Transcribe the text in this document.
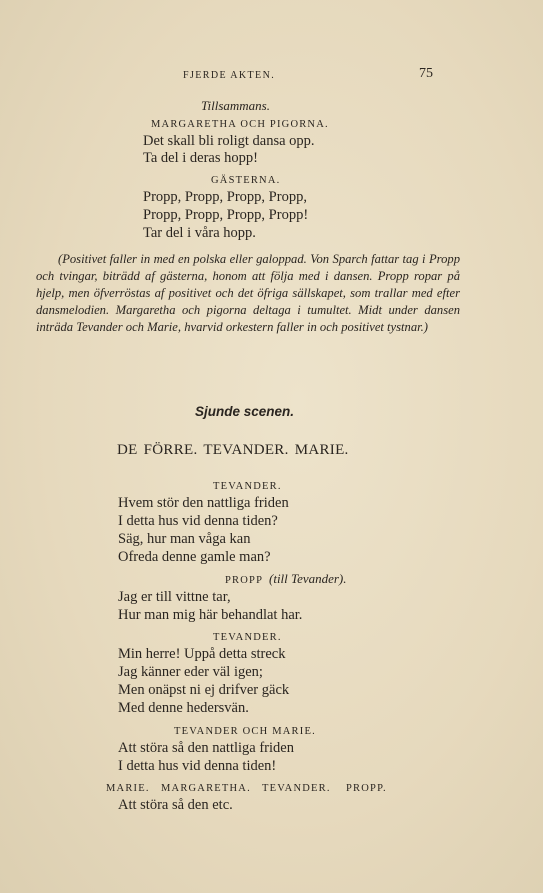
FJERDE AKTEN.	75
Tillsammans.
MARGARETHA OCH PIGORNA.
Det skall bli roligt dansa opp.
Ta del i deras hopp!
GÄSTERNA.
Propp, Propp, Propp, Propp,
Propp, Propp, Propp, Propp!
Tar del i våra hopp.
(Positivet faller in med en polska eller galoppad. Von Sparch fattar tag i Propp och tvingar, biträdd af gästerna, honom att följa med i dansen. Propp ropar på hjelp, men öfverröstas af positivet och det öfriga sällskapet, som trallar med efter dansmelodien. Margaretha och pigorna deltaga i tumultet. Midt under dansen inträda Tevander och Marie, hvarvid orkestern faller in och positivet tystnar.)
Sjunde scenen.
DE FÖRRE. TEVANDER. MARIE.
TEVANDER.
Hvem stör den nattliga friden
I detta hus vid denna tiden?
Säg, hur man våga kan
Ofreda denne gamle man?
PROPP (till Tevander).
Jag er till vittne tar,
Hur man mig här behandlat har.
TEVANDER.
Min herre! Uppå detta streck
Jag känner eder väl igen;
Men onäpst ni ej drifver gäck
Med denne hedersvän.
TEVANDER OCH MARIE.
Att störa så den nattliga friden
I detta hus vid denna tiden!
MARIE. MARGARETHA. TEVANDER. PROPP.
Att störa så den etc.
